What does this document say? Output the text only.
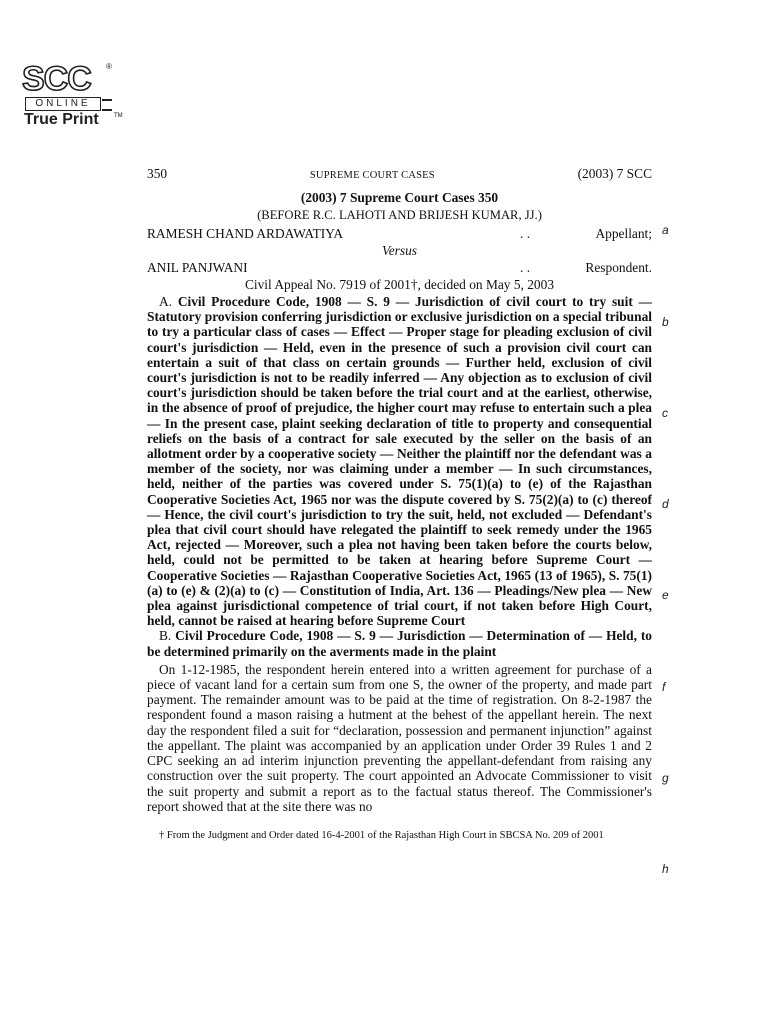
SCC ®
ONLINE
True Print	TM
350	SUPREME COURT CASES	(2003) 7 SCC
(2003) 7 Supreme Court Cases 350
(BEFORE R.C. LAHOTI AND BRIJESH KUMAR, JJ.)
RAMESH CHAND ARDAWATIYA	. .	Appellant;
Versus
ANIL PANJWANI	. .	Respondent.
Civil Appeal No. 7919 of 2001†, decided on May 5, 2003

A. Civil Procedure Code, 1908 — S. 9 — Jurisdiction of civil court to try suit — Statutory provision conferring jurisdiction or exclusive jurisdiction on a special tribunal to try a particular class of cases — Effect — Proper stage for pleading exclusion of civil court's jurisdiction — Held, even in the presence of such a provision civil court can entertain a suit of that class on certain grounds — Further held, exclusion of civil court's jurisdiction is not to be readily inferred — Any objection as to exclusion of civil court's jurisdiction should be taken before the trial court and at the earliest, otherwise, in the absence of proof of prejudice, the higher court may refuse to entertain such a plea — In the present case, plaint seeking declaration of title to property and consequential reliefs on the basis of a contract for sale executed by the seller on the basis of an allotment order by a cooperative society — Neither the plaintiff nor the defendant was a member of the society, nor was claiming under a member — In such circumstances, held, neither of the parties was covered under S. 75(1)(a) to (e) of the Rajasthan Cooperative Societies Act, 1965 nor was the dispute covered by S. 75(2)(a) to (c) thereof — Hence, the civil court's jurisdiction to try the suit, held, not excluded — Defendant's plea that civil court should have relegated the plaintiff to seek remedy under the 1965 Act, rejected — Moreover, such a plea not having been taken before the courts below, held, could not be permitted to be taken at hearing before Supreme Court — Cooperative Societies — Rajasthan Cooperative Societies Act, 1965 (13 of 1965), S. 75(1)(a) to (e) & (2)(a) to (c) — Constitution of India, Art. 136 — Pleadings/New plea — New plea against jurisdictional competence of trial court, if not taken before High Court, held, cannot be raised at hearing before Supreme Court

B. Civil Procedure Code, 1908 — S. 9 — Jurisdiction — Determination of — Held, to be determined primarily on the averments made in the plaint

On 1-12-1985, the respondent herein entered into a written agreement for purchase of a piece of vacant land for a certain sum from one S, the owner of the property, and made part payment. The remainder amount was to be paid at the time of registration. On 8-2-1987 the respondent found a mason raising a hutment at the behest of the appellant herein. The next day the respondent filed a suit for “declaration, possession and permanent injunction” against the appellant. The plaint was accompanied by an application under Order 39 Rules 1 and 2 CPC seeking an ad interim injunction preventing the appellant-defendant from raising any construction over the suit property. The court appointed an Advocate Commissioner to visit the suit property and submit a report as to the factual status thereof. The Commissioner's report showed that at the site there was no

† From the Judgment and Order dated 16-4-2001 of the Rajasthan High Court in SBCSA No. 209 of 2001

a
b
c
d
e
f
g
h
